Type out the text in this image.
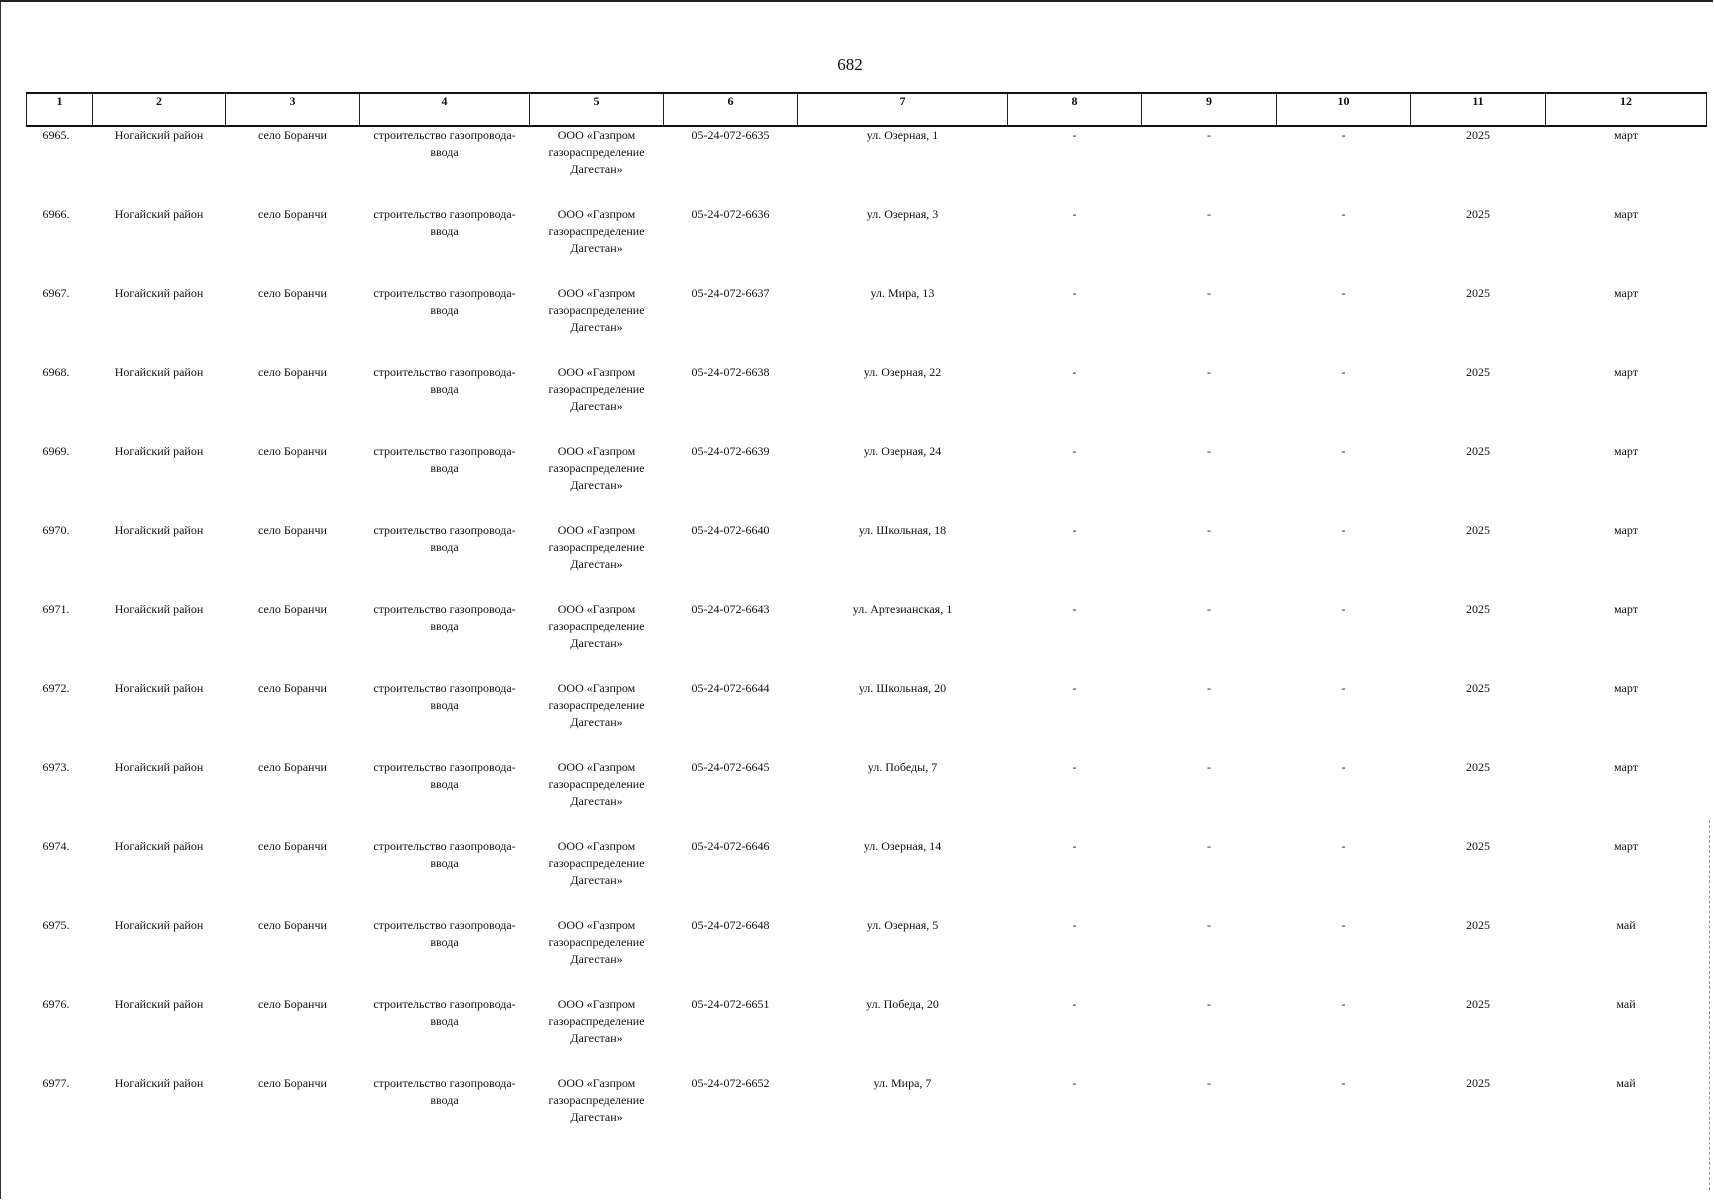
682
1	2	3	4	5	6	7	8	9	10	11	12
6965.	Ногайский район	село Боранчи	строительство газопровода-ввода	ООО «Газпром газораспределение Дагестан»	05-24-072-6635	ул. Озерная, 1	-	-	-	2025	март
6966.	Ногайский район	село Боранчи	строительство газопровода-ввода	ООО «Газпром газораспределение Дагестан»	05-24-072-6636	ул. Озерная, 3	-	-	-	2025	март
6967.	Ногайский район	село Боранчи	строительство газопровода-ввода	ООО «Газпром газораспределение Дагестан»	05-24-072-6637	ул. Мира, 13	-	-	-	2025	март
6968.	Ногайский район	село Боранчи	строительство газопровода-ввода	ООО «Газпром газораспределение Дагестан»	05-24-072-6638	ул. Озерная, 22	-	-	-	2025	март
6969.	Ногайский район	село Боранчи	строительство газопровода-ввода	ООО «Газпром газораспределение Дагестан»	05-24-072-6639	ул. Озерная, 24	-	-	-	2025	март
6970.	Ногайский район	село Боранчи	строительство газопровода-ввода	ООО «Газпром газораспределение Дагестан»	05-24-072-6640	ул. Школьная, 18	-	-	-	2025	март
6971.	Ногайский район	село Боранчи	строительство газопровода-ввода	ООО «Газпром газораспределение Дагестан»	05-24-072-6643	ул. Артезианская, 1	-	-	-	2025	март
6972.	Ногайский район	село Боранчи	строительство газопровода-ввода	ООО «Газпром газораспределение Дагестан»	05-24-072-6644	ул. Школьная, 20	-	-	-	2025	март
6973.	Ногайский район	село Боранчи	строительство газопровода-ввода	ООО «Газпром газораспределение Дагестан»	05-24-072-6645	ул. Победы, 7	-	-	-	2025	март
6974.	Ногайский район	село Боранчи	строительство газопровода-ввода	ООО «Газпром газораспределение Дагестан»	05-24-072-6646	ул. Озерная, 14	-	-	-	2025	март
6975.	Ногайский район	село Боранчи	строительство газопровода-ввода	ООО «Газпром газораспределение Дагестан»	05-24-072-6648	ул. Озерная, 5	-	-	-	2025	май
6976.	Ногайский район	село Боранчи	строительство газопровода-ввода	ООО «Газпром газораспределение Дагестан»	05-24-072-6651	ул. Победа, 20	-	-	-	2025	май
6977.	Ногайский район	село Боранчи	строительство газопровода-ввода	ООО «Газпром газораспределение Дагестан»	05-24-072-6652	ул. Мира, 7	-	-	-	2025	май
